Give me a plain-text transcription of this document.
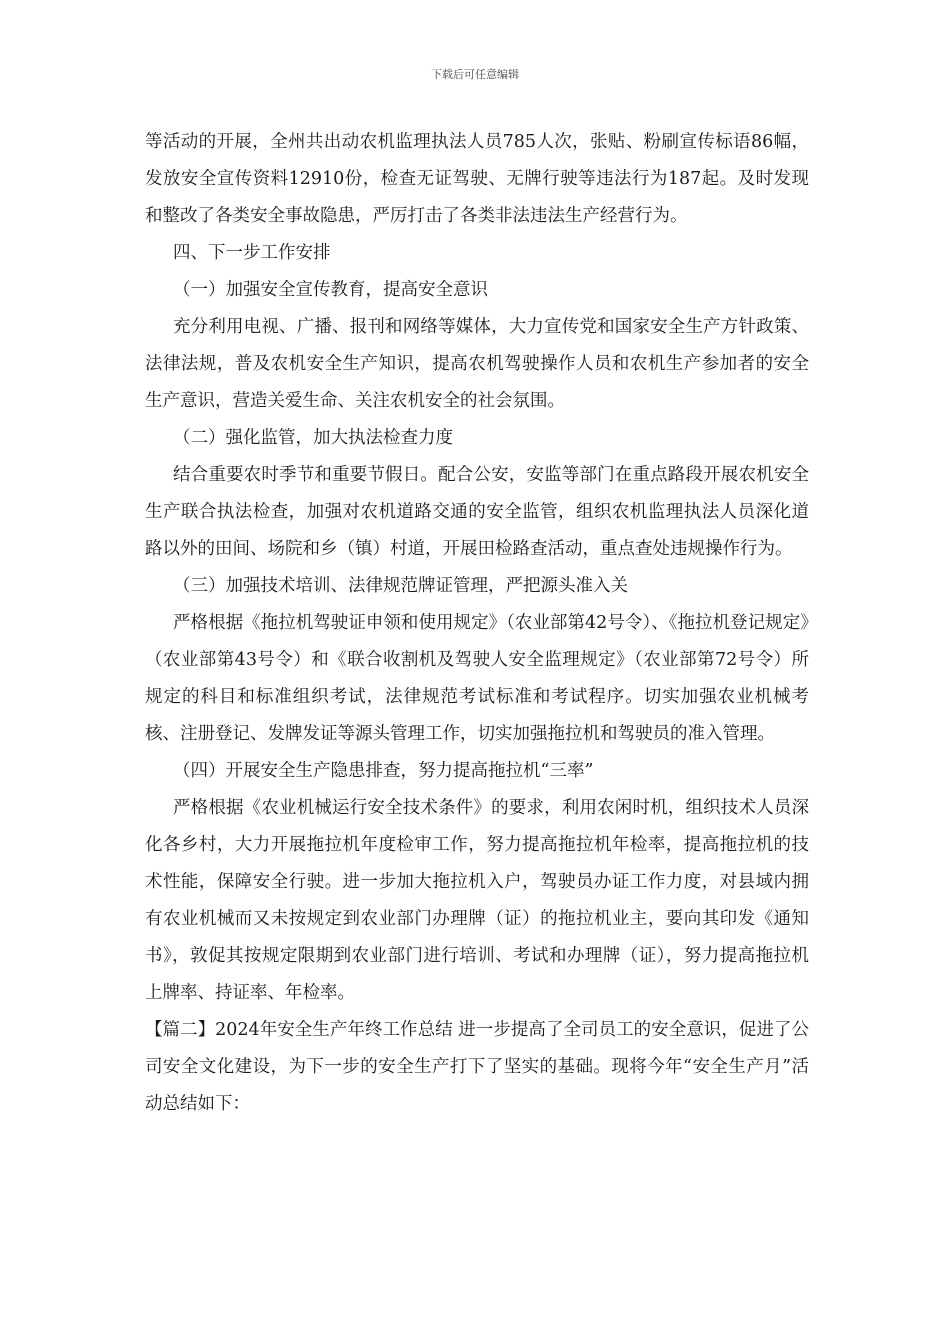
下载后可任意编辑

等活动的开展，全州共出动农机监理执法人员785人次，张贴、粉刷宣传标语86幅，发放安全宣传资料12910份，检查无证驾驶、无牌行驶等违法行为187起。及时发现和整改了各类安全事故隐患，严厉打击了各类非法违法生产经营行为。

四、下一步工作安排

（一）加强安全宣传教育，提高安全意识

充分利用电视、广播、报刊和网络等媒体，大力宣传党和国家安全生产方针政策、法律法规，普及农机安全生产知识，提高农机驾驶操作人员和农机生产参加者的安全生产意识，营造关爱生命、关注农机安全的社会氛围。

（二）强化监管，加大执法检查力度

结合重要农时季节和重要节假日。配合公安，安监等部门在重点路段开展农机安全生产联合执法检查，加强对农机道路交通的安全监管，组织农机监理执法人员深化道路以外的田间、场院和乡（镇）村道，开展田检路查活动，重点查处违规操作行为。

（三）加强技术培训、法律规范牌证管理，严把源头准入关

严格根据《拖拉机驾驶证申领和使用规定》（农业部第42号令）、《拖拉机登记规定》（农业部第43号令）和《联合收割机及驾驶人安全监理规定》（农业部第72号令）所规定的科目和标准组织考试，法律规范考试标准和考试程序。切实加强农业机械考核、注册登记、发牌发证等源头管理工作，切实加强拖拉机和驾驶员的准入管理。

（四）开展安全生产隐患排查，努力提高拖拉机“三率”

严格根据《农业机械运行安全技术条件》的要求，利用农闲时机，组织技术人员深化各乡村，大力开展拖拉机年度检审工作，努力提高拖拉机年检率，提高拖拉机的技术性能，保障安全行驶。进一步加大拖拉机入户，驾驶员办证工作力度，对县域内拥有农业机械而又未按规定到农业部门办理牌（证）的拖拉机业主，要向其印发《通知书》，敦促其按规定限期到农业部门进行培训、考试和办理牌（证），努力提高拖拉机上牌率、持证率、年检率。

【篇二】2024年安全生产年终工作总结 进一步提高了全司员工的安全意识，促进了公司安全文化建设，为下一步的安全生产打下了坚实的基础。现将今年“安全生产月”活动总结如下：
